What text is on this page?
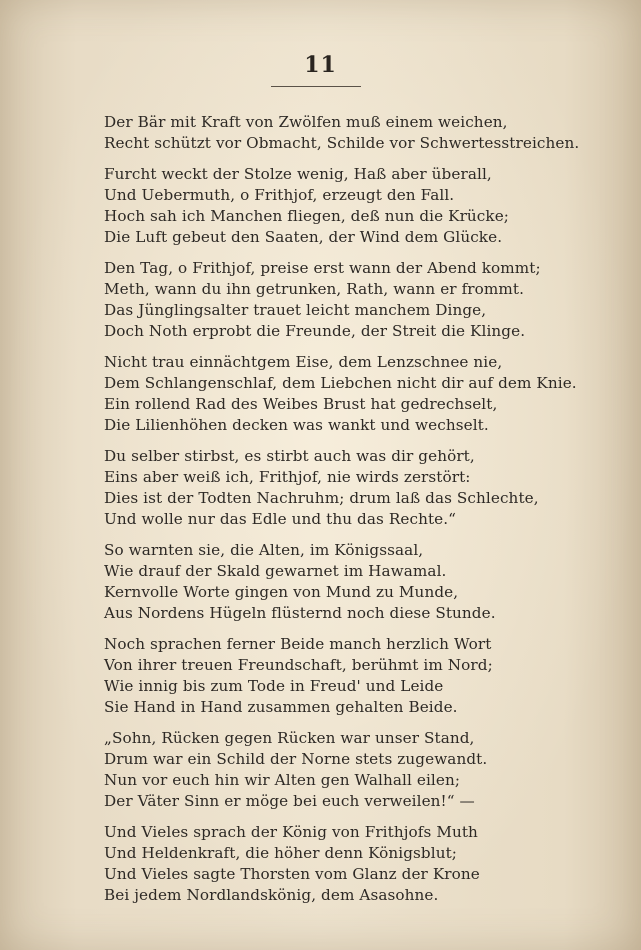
11
Der Bär mit Kraft von Zwölfen muß einem weichen,
Recht schützt vor Obmacht, Schilde vor Schwertesstreichen.
Furcht weckt der Stolze wenig, Haß aber überall,
Und Uebermuth, o Frithjof, erzeugt den Fall.
Hoch sah ich Manchen fliegen, deß nun die Krücke;
Die Luft gebeut den Saaten, der Wind dem Glücke.
Den Tag, o Frithjof, preise erst wann der Abend kommt;
Meth, wann du ihn getrunken, Rath, wann er frommt.
Das Jünglingsalter trauet leicht manchem Dinge,
Doch Noth erprobt die Freunde, der Streit die Klinge.
Nicht trau einnächtgem Eise, dem Lenzschnee nie,
Dem Schlangenschlaf, dem Liebchen nicht dir auf dem Knie.
Ein rollend Rad des Weibes Brust hat gedrechselt,
Die Lilienhöhen decken was wankt und wechselt.
Du selber stirbst, es stirbt auch was dir gehört,
Eins aber weiß ich, Frithjof, nie wirds zerstört:
Dies ist der Todten Nachruhm; drum laß das Schlechte,
Und wolle nur das Edle und thu das Rechte.“
So warnten sie, die Alten, im Königssaal,
Wie drauf der Skald gewarnet im Hawamal.
Kernvolle Worte gingen von Mund zu Munde,
Aus Nordens Hügeln flüsternd noch diese Stunde.
Noch sprachen ferner Beide manch herzlich Wort
Von ihrer treuen Freundschaft, berühmt im Nord;
Wie innig bis zum Tode in Freud' und Leide
Sie Hand in Hand zusammen gehalten Beide.
„Sohn, Rücken gegen Rücken war unser Stand,
Drum war ein Schild der Norne stets zugewandt.
Nun vor euch hin wir Alten gen Walhall eilen;
Der Väter Sinn er möge bei euch verweilen!“ —
Und Vieles sprach der König von Frithjofs Muth
Und Heldenkraft, die höher denn Königsblut;
Und Vieles sagte Thorsten vom Glanz der Krone
Bei jedem Nordlandskönig, dem Asasohne.
